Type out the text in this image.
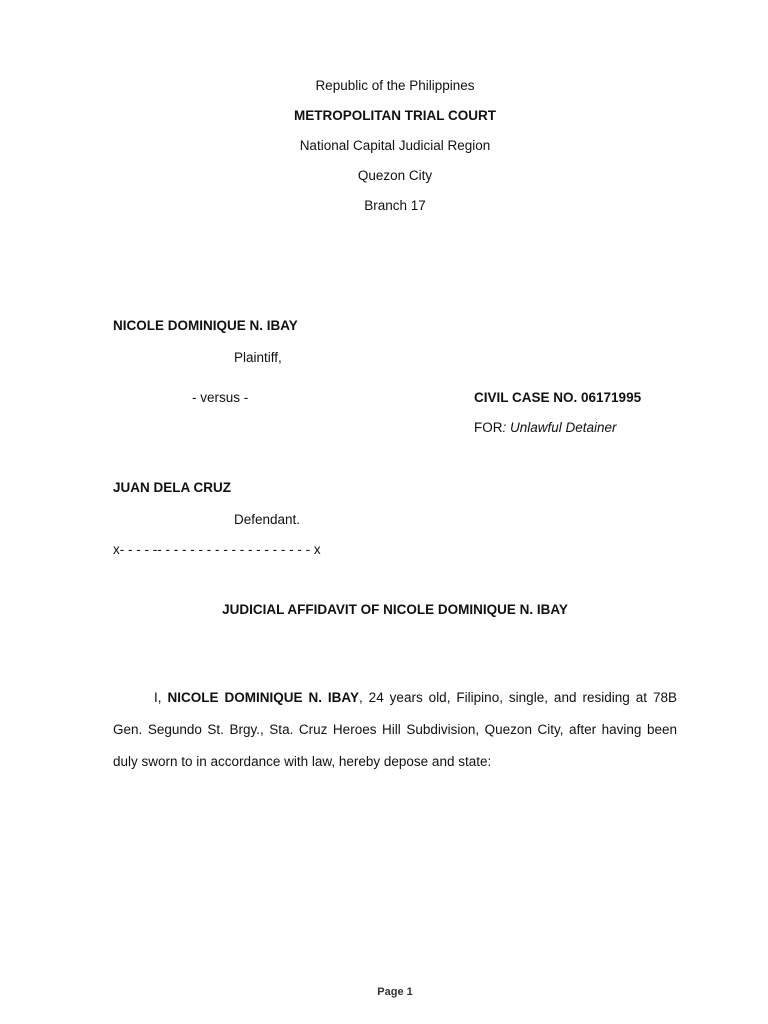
Republic of the Philippines
METROPOLITAN TRIAL COURT
National Capital Judicial Region
Quezon City
Branch 17
NICOLE DOMINIQUE N. IBAY
Plaintiff,
- versus -	CIVIL CASE NO. 06171995
FOR: Unlawful Detainer
JUAN DELA CRUZ
Defendant.
x- - - - -- - - - - - - - - - - - - - - - - - - x
JUDICIAL AFFIDAVIT OF NICOLE DOMINIQUE N. IBAY
I, NICOLE DOMINIQUE N. IBAY, 24 years old, Filipino, single, and residing at 78B Gen. Segundo St. Brgy., Sta. Cruz Heroes Hill Subdivision, Quezon City, after having been duly sworn to in accordance with law, hereby depose and state:
Page 1
